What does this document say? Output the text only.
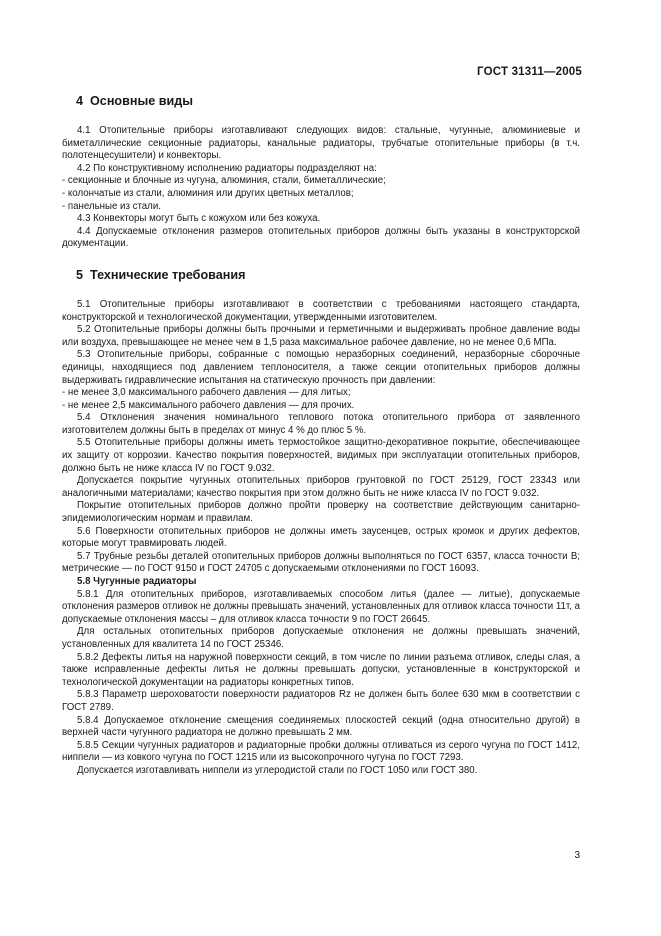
ГОСТ 31311—2005
4 Основные виды

4.1 Отопительные приборы изготавливают следующих видов: стальные, чугунные, алюминиевые и биметаллические секционные радиаторы, канальные радиаторы, трубчатые отопительные приборы (в т.ч. полотенцесушители) и конвекторы.

4.2 По конструктивному исполнению радиаторы подразделяют на:

- секционные и блочные из чугуна, алюминия, стали, биметаллические;

- колончатые из стали, алюминия или других цветных металлов;

- панельные из стали.

4.3 Конвекторы могут быть с кожухом или без кожуха.

4.4 Допускаемые отклонения размеров отопительных приборов должны быть указаны в конструкторской документации.

5 Технические требования

5.1 Отопительные приборы изготавливают в соответствии с требованиями настоящего стандарта, конструкторской и технологической документации, утвержденными изготовителем.

5.2 Отопительные приборы должны быть прочными и герметичными и выдерживать пробное давление воды или воздуха, превышающее не менее чем в 1,5 раза максимальное рабочее давление, но не менее 0,6 МПа.

5.3 Отопительные приборы, собранные с помощью неразборных соединений, неразборные сборочные единицы, находящиеся под давлением теплоносителя, а также секции отопительных приборов должны выдерживать гидравлические испытания на статическую прочность при давлении:

- не менее 3,0 максимального рабочего давления — для литых;

- не менее 2,5 максимального рабочего давления — для прочих.

5.4 Отклонения значения номинального теплового потока отопительного прибора от заявленного изготовителем должны быть в пределах от минус 4 % до плюс 5 %.

5.5 Отопительные приборы должны иметь термостойкое защитно-декоративное покрытие, обеспечивающее их защиту от коррозии. Качество покрытия поверхностей, видимых при эксплуатации отопительных приборов, должно быть не ниже класса IV по ГОСТ 9.032.

Допускается покрытие чугунных отопительных приборов грунтовкой по ГОСТ 25129, ГОСТ 23343 или аналогичными материалами; качество покрытия при этом должно быть не ниже класса IV по ГОСТ 9.032.

Покрытие отопительных приборов должно пройти проверку на соответствие действующим санитарно-эпидемиологическим нормам и правилам.

5.6 Поверхности отопительных приборов не должны иметь заусенцев, острых кромок и других дефектов, которые могут травмировать людей.

5.7 Трубные резьбы деталей отопительных приборов должны выполняться по ГОСТ 6357, класса точности В; метрические — по ГОСТ 9150 и ГОСТ 24705 с допускаемыми отклонениями по ГОСТ 16093.

5.8 Чугунные радиаторы

5.8.1 Для отопительных приборов, изготавливаемых способом литья (далее — литые), допускаемые отклонения размеров отливок не должны превышать значений, установленных для отливок класса точности 11т, а допускаемые отклонения массы – для отливок класса точности 9 по ГОСТ 26645.

Для остальных отопительных приборов допускаемые отклонения не должны превышать значений, установленных для квалитета 14 по ГОСТ 25346.

5.8.2 Дефекты литья на наружной поверхности секций, в том числе по линии разъема отливок, следы слая, а также исправленные дефекты литья не должны превышать допуски, установленные в конструкторской и технологической документации на радиаторы конкретных типов.

5.8.3 Параметр шероховатости поверхности радиаторов Rz не должен быть более 630 мкм в соответствии с ГОСТ 2789.

5.8.4 Допускаемое отклонение смещения соединяемых плоскостей секций (одна относительно другой) в верхней части чугунного радиатора не должно превышать 2 мм.

5.8.5 Секции чугунных радиаторов и радиаторные пробки должны отливаться из серого чугуна по ГОСТ 1412, ниппели — из ковкого чугуна по ГОСТ 1215 или из высокопрочного чугуна по ГОСТ 7293.

Допускается изготавливать ниппели из углеродистой стали по ГОСТ 1050 или ГОСТ 380.

3
